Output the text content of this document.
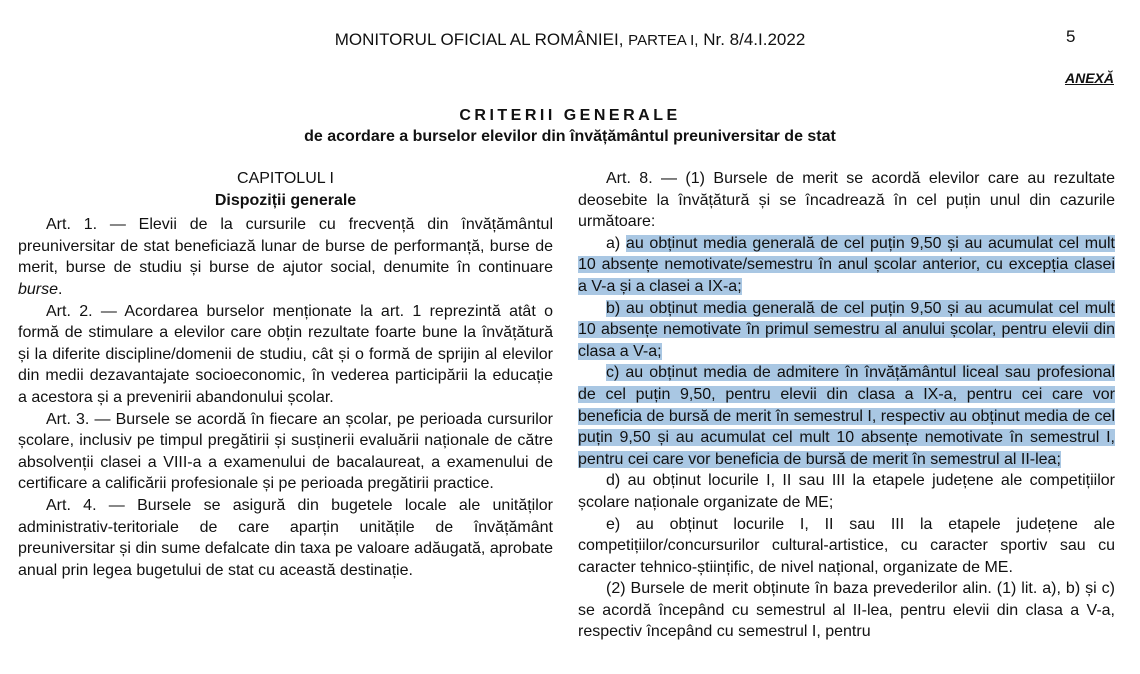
MONITORUL OFICIAL AL ROMÂNIEI, PARTEA I, Nr. 8/4.I.2022	5
ANEXĂ
CRITERII GENERALE
de acordare a burselor elevilor din învățământul preuniversitar de stat
CAPITOLUL I
Dispoziții generale

Art. 1. — Elevii de la cursurile cu frecvență din învățământul preuniversitar de stat beneficiază lunar de burse de performanță, burse de merit, burse de studiu și burse de ajutor social, denumite în continuare burse.

Art. 2. — Acordarea burselor menționate la art. 1 reprezintă atât o formă de stimulare a elevilor care obțin rezultate foarte bune la învățătură și la diferite discipline/domenii de studiu, cât și o formă de sprijin al elevilor din medii dezavantajate socioeconomic, în vederea participării la educație a acestora și a prevenirii abandonului școlar.

Art. 3. — Bursele se acordă în fiecare an școlar, pe perioada cursurilor școlare, inclusiv pe timpul pregătirii și susținerii evaluării naționale de către absolvenții clasei a VIII-a a examenului de bacalaureat, a examenului de certificare a calificării profesionale și pe perioada pregătirii practice.

Art. 4. — Bursele se asigură din bugetele locale ale unităților administrativ-teritoriale de care aparțin unitățile de învățământ preuniversitar și din sume defalcate din taxa pe valoare adăugată, aprobate anual prin legea bugetului de stat cu această destinație.

Art. 8. — (1) Bursele de merit se acordă elevilor care au rezultate deosebite la învățătură și se încadrează în cel puțin unul din cazurile următoare:

a) au obținut media generală de cel puțin 9,50 și au acumulat cel mult 10 absențe nemotivate/semestru în anul școlar anterior, cu excepția clasei a V-a și a clasei a IX-a;

b) au obținut media generală de cel puțin 9,50 și au acumulat cel mult 10 absențe nemotivate în primul semestru al anului școlar, pentru elevii din clasa a V-a;

c) au obținut media de admitere în învățământul liceal sau profesional de cel puțin 9,50, pentru elevii din clasa a IX-a, pentru cei care vor beneficia de bursă de merit în semestrul I, respectiv au obținut media de cel puțin 9,50 și au acumulat cel mult 10 absențe nemotivate în semestrul I, pentru cei care vor beneficia de bursă de merit în semestrul al II-lea;

d) au obținut locurile I, II sau III la etapele județene ale competițiilor școlare naționale organizate de ME;

e) au obținut locurile I, II sau III la etapele județene ale competițiilor/concursurilor cultural-artistice, cu caracter sportiv sau cu caracter tehnico-științific, de nivel național, organizate de ME.

(2) Bursele de merit obținute în baza prevederilor alin. (1) lit. a), b) și c) se acordă începând cu semestrul al II-lea, pentru elevii din clasa a V-a, respectiv începând cu semestrul I, pentru
